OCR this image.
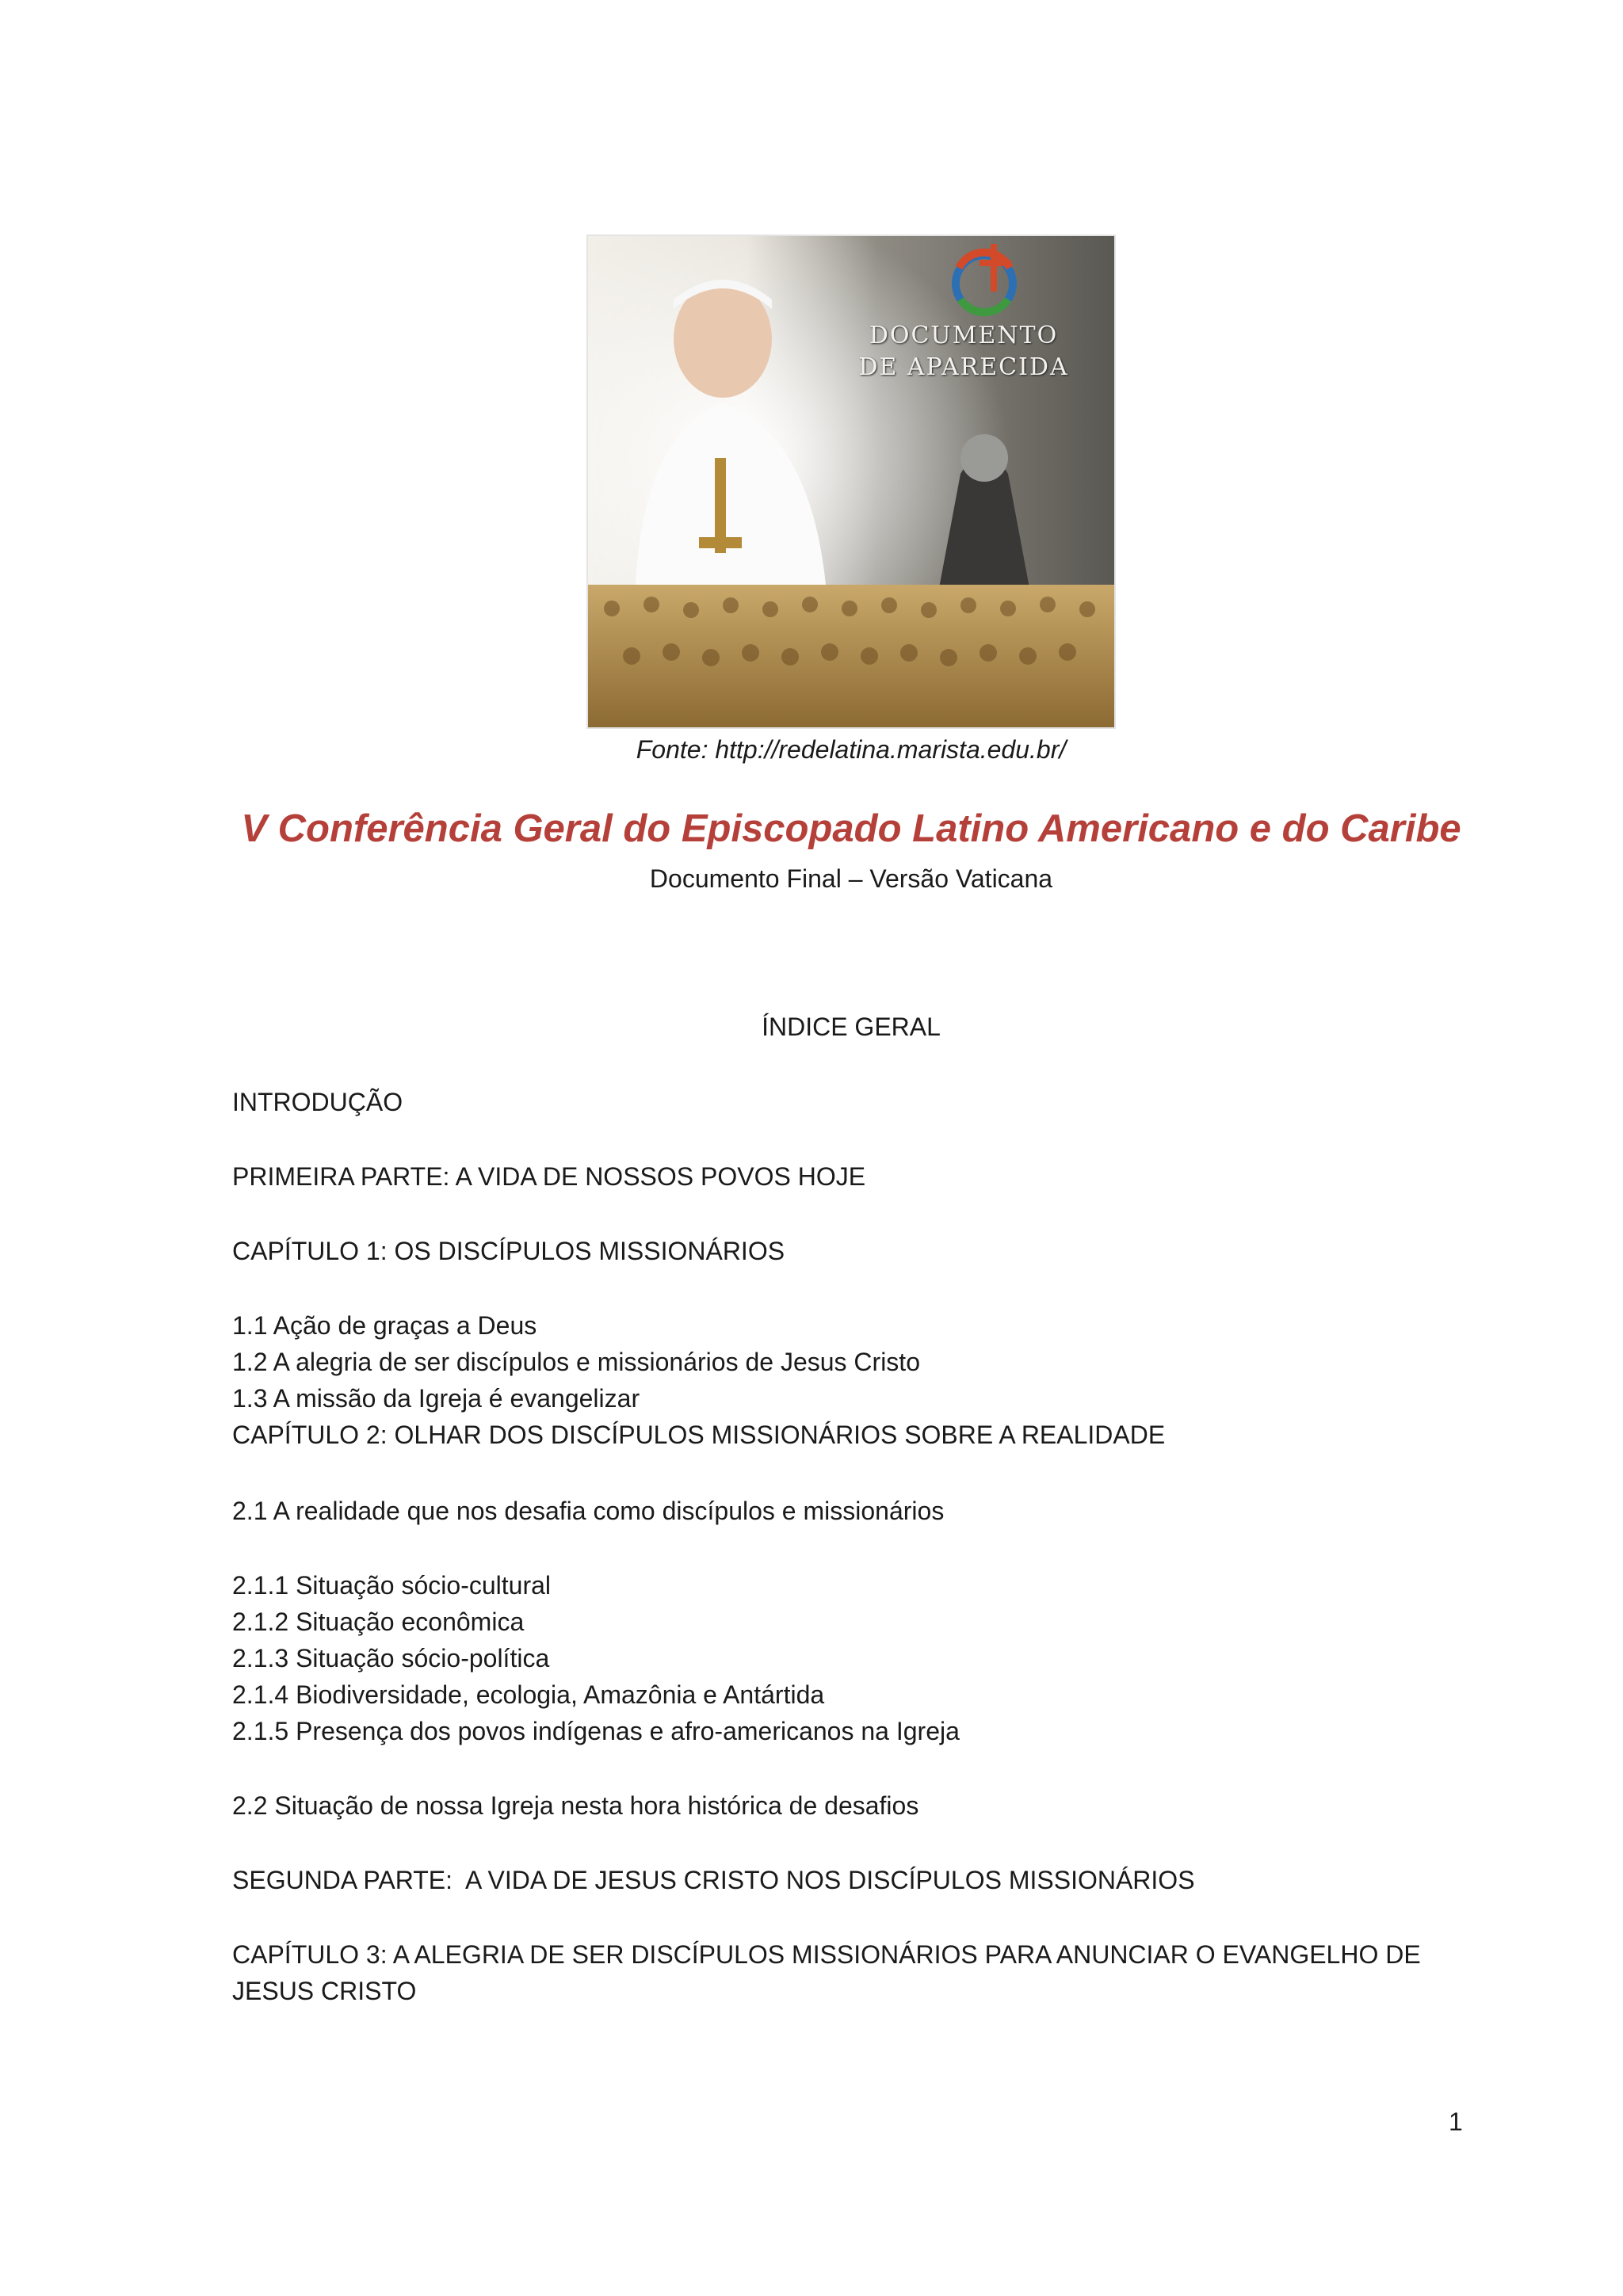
DOCUMENTO
DE APARECIDA
Fonte: http://redelatina.marista.edu.br/
V Conferência Geral do Episcopado Latino Americano e do Caribe
Documento Final – Versão Vaticana
ÍNDICE GERAL
INTRODUÇÃO
PRIMEIRA PARTE: A VIDA DE NOSSOS POVOS HOJE
CAPÍTULO 1: OS DISCÍPULOS MISSIONÁRIOS
1.1 Ação de graças a Deus
1.2 A alegria de ser discípulos e missionários de Jesus Cristo
1.3 A missão da Igreja é evangelizar
CAPÍTULO 2: OLHAR DOS DISCÍPULOS MISSIONÁRIOS SOBRE A REALIDADE
2.1 A realidade que nos desafia como discípulos e missionários
2.1.1 Situação sócio-cultural
2.1.2 Situação econômica
2.1.3 Situação sócio-política
2.1.4 Biodiversidade, ecologia, Amazônia e Antártida
2.1.5 Presença dos povos indígenas e afro-americanos na Igreja
2.2 Situação de nossa Igreja nesta hora histórica de desafios
SEGUNDA PARTE:  A VIDA DE JESUS CRISTO NOS DISCÍPULOS MISSIONÁRIOS
CAPÍTULO 3: A ALEGRIA DE SER DISCÍPULOS MISSIONÁRIOS PARA ANUNCIAR O EVANGELHO DE
JESUS CRISTO
1
